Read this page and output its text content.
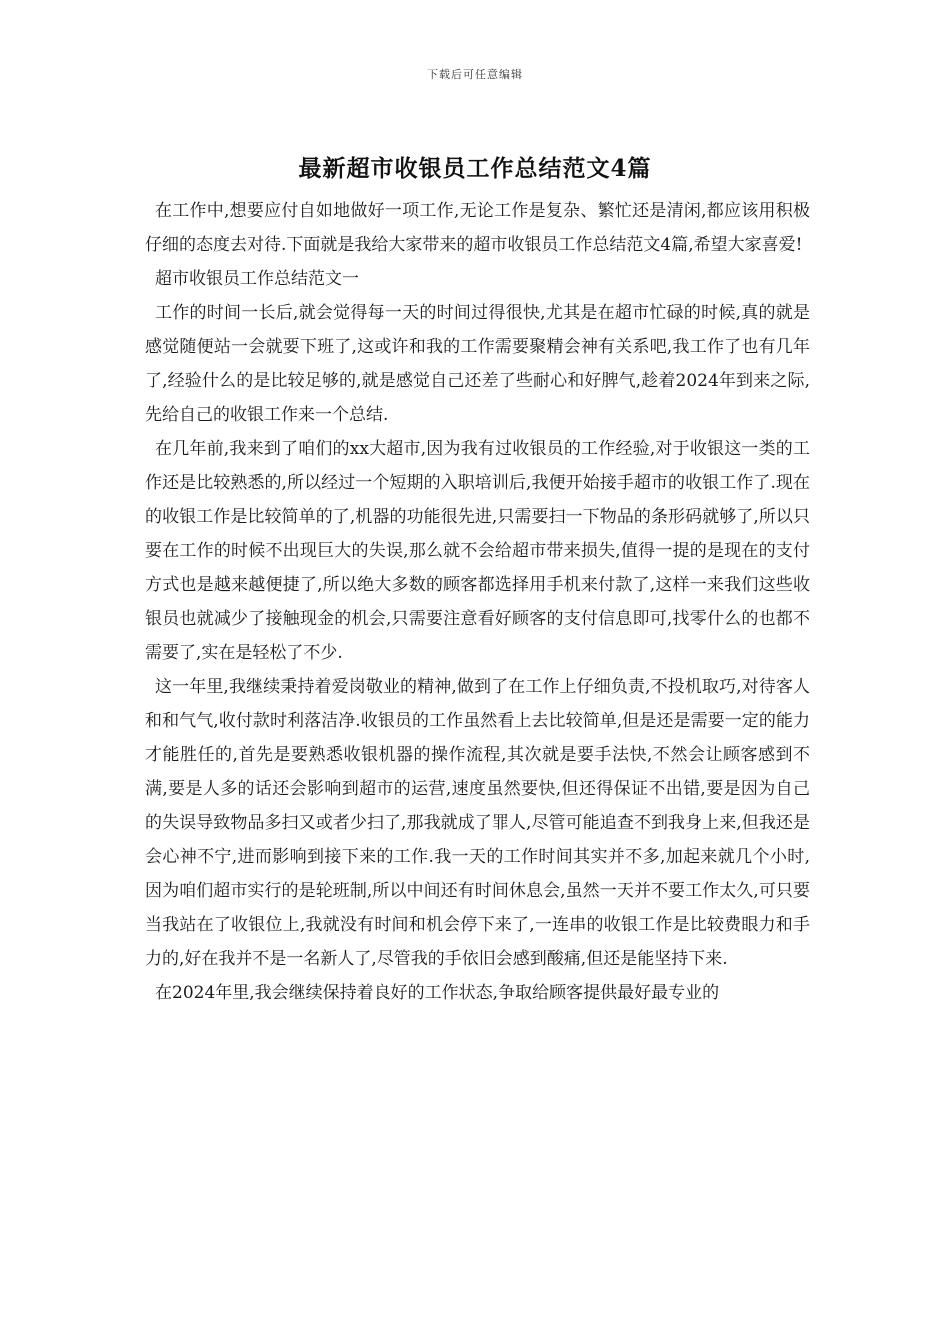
下载后可任意编辑
最新超市收银员工作总结范文4篇

在工作中,想要应付自如地做好一项工作,无论工作是复杂、繁忙还是清闲,都应该用积极仔细的态度去对待.下面就是我给大家带来的超市收银员工作总结范文4篇,希望大家喜爱!

超市收银员工作总结范文一

工作的时间一长后,就会觉得每一天的时间过得很快,尤其是在超市忙碌的时候,真的就是感觉随便站一会就要下班了,这或许和我的工作需要聚精会神有关系吧,我工作了也有几年了,经验什么的是比较足够的,就是感觉自己还差了些耐心和好脾气,趁着2024年到来之际,先给自己的收银工作来一个总结.

在几年前,我来到了咱们的xx大超市,因为我有过收银员的工作经验,对于收银这一类的工作还是比较熟悉的,所以经过一个短期的入职培训后,我便开始接手超市的收银工作了.现在的收银工作是比较简单的了,机器的功能很先进,只需要扫一下物品的条形码就够了,所以只要在工作的时候不出现巨大的失误,那么就不会给超市带来损失,值得一提的是现在的支付方式也是越来越便捷了,所以绝大多数的顾客都选择用手机来付款了,这样一来我们这些收银员也就减少了接触现金的机会,只需要注意看好顾客的支付信息即可,找零什么的也都不需要了,实在是轻松了不少.

这一年里,我继续秉持着爱岗敬业的精神,做到了在工作上仔细负责,不投机取巧,对待客人和和气气,收付款时利落洁净.收银员的工作虽然看上去比较简单,但是还是需要一定的能力才能胜任的,首先是要熟悉收银机器的操作流程,其次就是要手法快,不然会让顾客感到不满,要是人多的话还会影响到超市的运营,速度虽然要快,但还得保证不出错,要是因为自己的失误导致物品多扫又或者少扫了,那我就成了罪人,尽管可能追查不到我身上来,但我还是会心神不宁,进而影响到接下来的工作.我一天的工作时间其实并不多,加起来就几个小时,因为咱们超市实行的是轮班制,所以中间还有时间休息会,虽然一天并不要工作太久,可只要当我站在了收银位上,我就没有时间和机会停下来了,一连串的收银工作是比较费眼力和手力的,好在我并不是一名新人了,尽管我的手依旧会感到酸痛,但还是能坚持下来.

在2024年里,我会继续保持着良好的工作状态,争取给顾客提供最好最专业的
